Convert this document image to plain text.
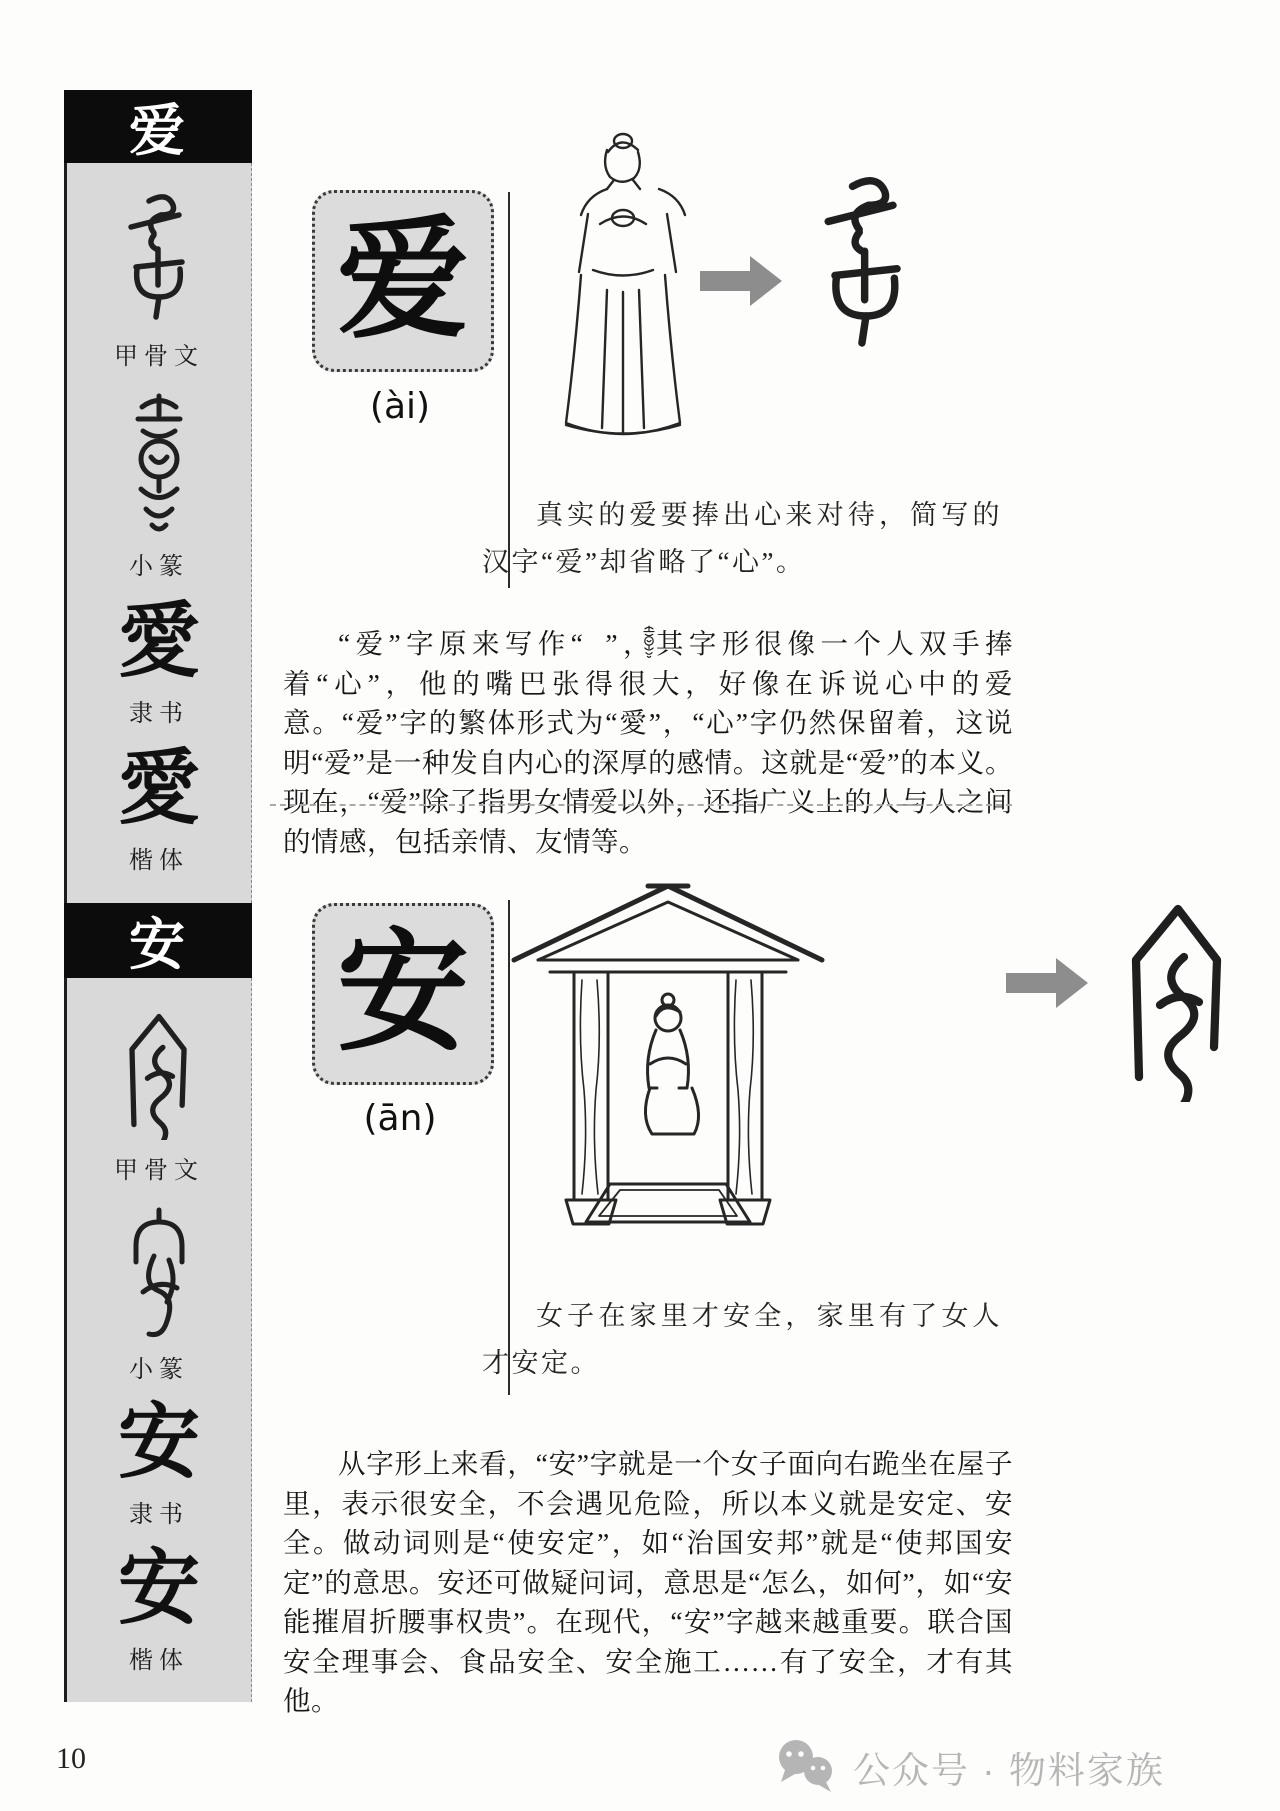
爱
甲骨文
小篆
愛
隶书
愛
楷体
安
甲骨文
小篆
安
隶书
安
楷体
爱
(ài)
真实的爱要捧出心来对待，简写的汉字“爱”却省略了“心”。

“爱”字原来写作“ ”，其字形很像一个人双手捧着“心”，他的嘴巴张得很大，好像在诉说心中的爱意。“爱”字的繁体形式为“愛”，“心”字仍然保留着，这说明“爱”是一种发自内心的深厚的感情。这就是“爱”的本义。现在，“爱”除了指男女情爱以外，还指广义上的人与人之间的情感，包括亲情、友情等。

安
(ān)
女子在家里才安全，家里有了女人才安定。

从字形上来看，“安”字就是一个女子面向右跪坐在屋子里，表示很安全，不会遇见危险，所以本义就是安定、安全。做动词则是“使安定”，如“治国安邦”就是“使邦国安定”的意思。安还可做疑问词，意思是“怎么，如何”，如“安能摧眉折腰事权贵”。在现代，“安”字越来越重要。联合国安全理事会、食品安全、安全施工……有了安全，才有其他。

10	公众号 · 物料家族
